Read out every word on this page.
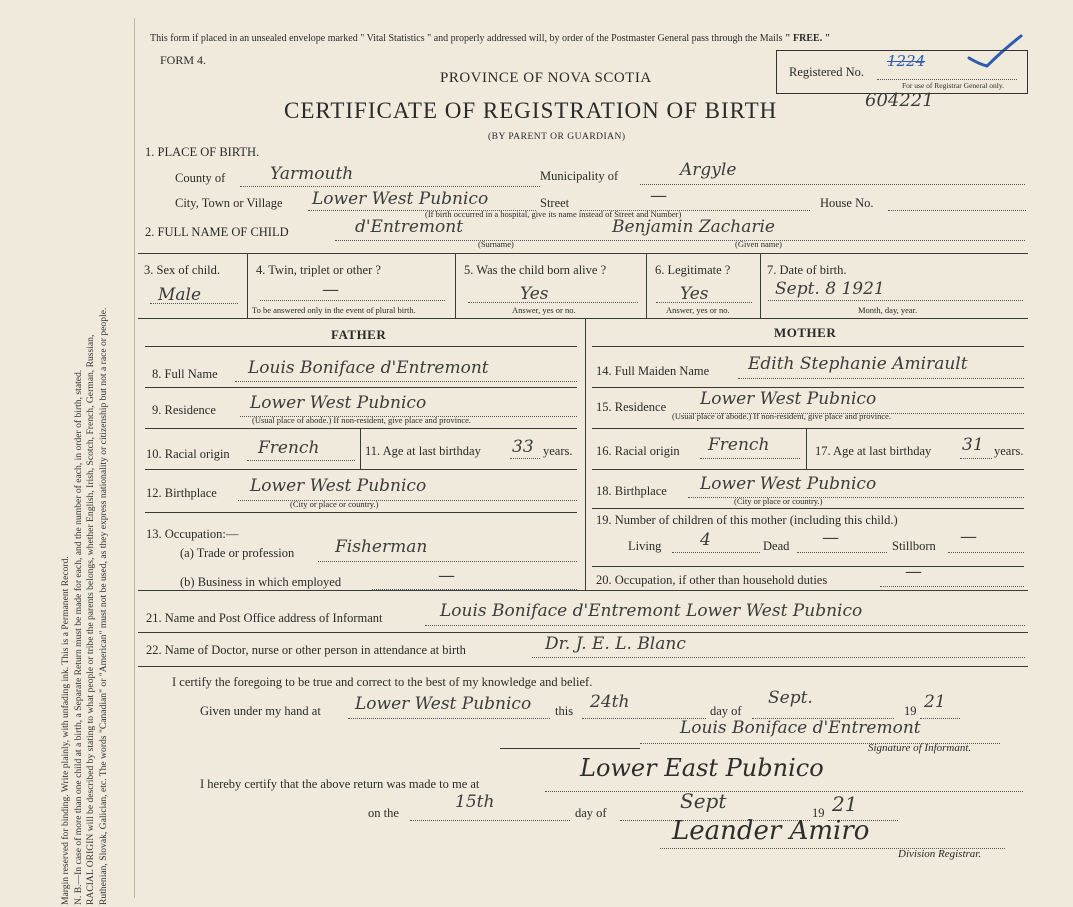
Margin reserved for binding. Write plainly, with unfading ink. This is a Permanent Record. N. B.—In case of more than one child at a birth, a Separate Return must be made for each, and the number of each, in order of birth, stated. RACIAL ORIGIN will be described by stating to what people or tribe the parents belongs, whether English, Irish, Scotch, French, German, Russian, Ruthenian, Slovak, Galician, etc. The words "Canadian" or "American" must not be used, as they express nationality or citizenship but not a race or people.
This form if placed in an unsealed envelope marked " Vital Statistics " and properly addressed will, by order of the Postmaster General pass through the Mails " FREE. "
FORM 4.
PROVINCE OF NOVA SCOTIA
CERTIFICATE OF REGISTRATION OF BIRTH
(BY PARENT OR GUARDIAN)
Registered No.
1224
For use of Registrar General only.
604221
1. PLACE OF BIRTH.
County of	Yarmouth	Municipality of	Argyle
City, Town or Village Lower West Pubnico	Street	—	House No.
(If birth occurred in a hospital, give its name instead of Street and Number)
2. FULL NAME OF CHILD	d'Entremont
(Surname)
Benjamin Zacharie
(Given name)
3. Sex of child.
Male
4. Twin, triplet or other ?
—
To be answered only in the event of plural birth.
5. Was the child born alive ?
Yes
Answer, yes or no.
6. Legitimate ?
Yes
Answer, yes or no.
7. Date of birth.
Sept. 8 1921
Month, day, year.
FATHER	MOTHER
8. Full Name Louis Boniface d'Entremont
9. Residence Lower West Pubnico
(Usual place of abode.) If non-resident, give place and province.
10. Racial origin French	11. Age at last birthday 33 years.
12. Birthplace Lower West Pubnico
(City or place or country.)
13. Occupation:—
(a) Trade or profession Fisherman
(b) Business in which employed	—
14. Full Maiden Name Edith Stephanie Amirault
15. Residence Lower West Pubnico
(Usual place of abode.) If non-resident, give place and province.
16. Racial origin French	17. Age at last birthday 31 years.
18. Birthplace Lower West Pubnico
(City or place or country.)
19. Number of children of this mother (including this child.)
Living 4	Dead —	Stillborn —
20. Occupation, if other than household duties	—
21. Name and Post Office address of Informant	Louis Boniface d'Entremont Lower West Pubnico
22. Name of Doctor, nurse or other person in attendance at birth	Dr. J. E. L. Blanc
I certify the foregoing to be true and correct to the best of my knowledge and belief.
Given under my hand at Lower West Pubnico this 24th	day of
Sept.
19 21
Louis Boniface d'Entremont
Signature of Informant.
I hereby certify that the above return was made to me at
Lower East Pubnico
on the
15th
day of	Sept	19 21
Leander Amiro
Division Registrar.
